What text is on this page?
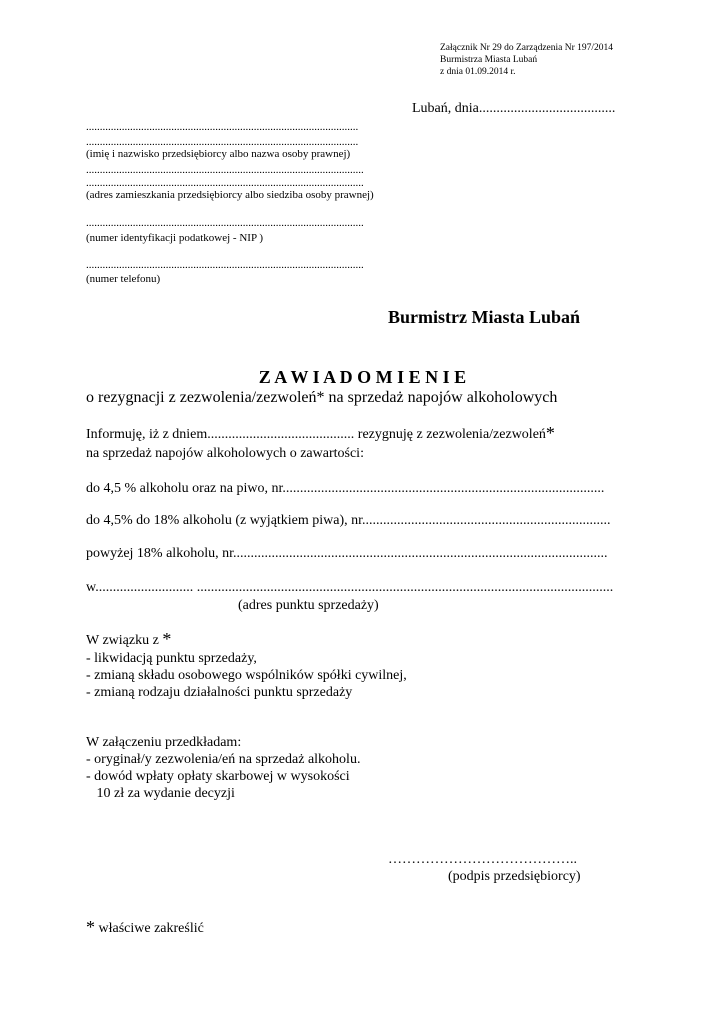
Załącznik Nr 29 do Zarządzenia Nr 197/2014
Burmistrza Miasta Lubań
z dnia 01.09.2014 r.
Lubań, dnia.......................................
...................................................................................................
...................................................................................................
(imię i nazwisko przedsiębiorcy albo nazwa osoby prawnej)
.....................................................................................................
.....................................................................................................
(adres zamieszkania przedsiębiorcy albo siedziba osoby prawnej)
.....................................................................................................
(numer identyfikacji podatkowej - NIP )
.....................................................................................................
(numer telefonu)
Burmistrz Miasta Lubań
Z A W I A D O M I E N I E
o rezygnacji z zezwolenia/zezwoleń* na sprzedaż napojów alkoholowych
Informuję, iż z dniem.......................................... rezygnuję z zezwolenia/zezwoleń*
na sprzedaż napojów alkoholowych o zawartości:
do 4,5 % alkoholu oraz na piwo, nr............................................................................................
do 4,5% do 18% alkoholu (z wyjątkiem piwa), nr.......................................................................
powyżej 18% alkoholu, nr...........................................................................................................
w............................ .......................................................................................................................
(adres punktu sprzedaży)
W związku z *
- likwidacją punktu sprzedaży,
- zmianą składu osobowego wspólników spółki cywilnej,
- zmianą rodzaju działalności punktu sprzedaży
W załączeniu przedkładam:
- oryginał/y zezwolenia/eń na sprzedaż alkoholu.
- dowód wpłaty opłaty skarbowej w wysokości
10 zł za wydanie decyzji
…………………………………..
(podpis przedsiębiorcy)
* właściwe zakreślić
